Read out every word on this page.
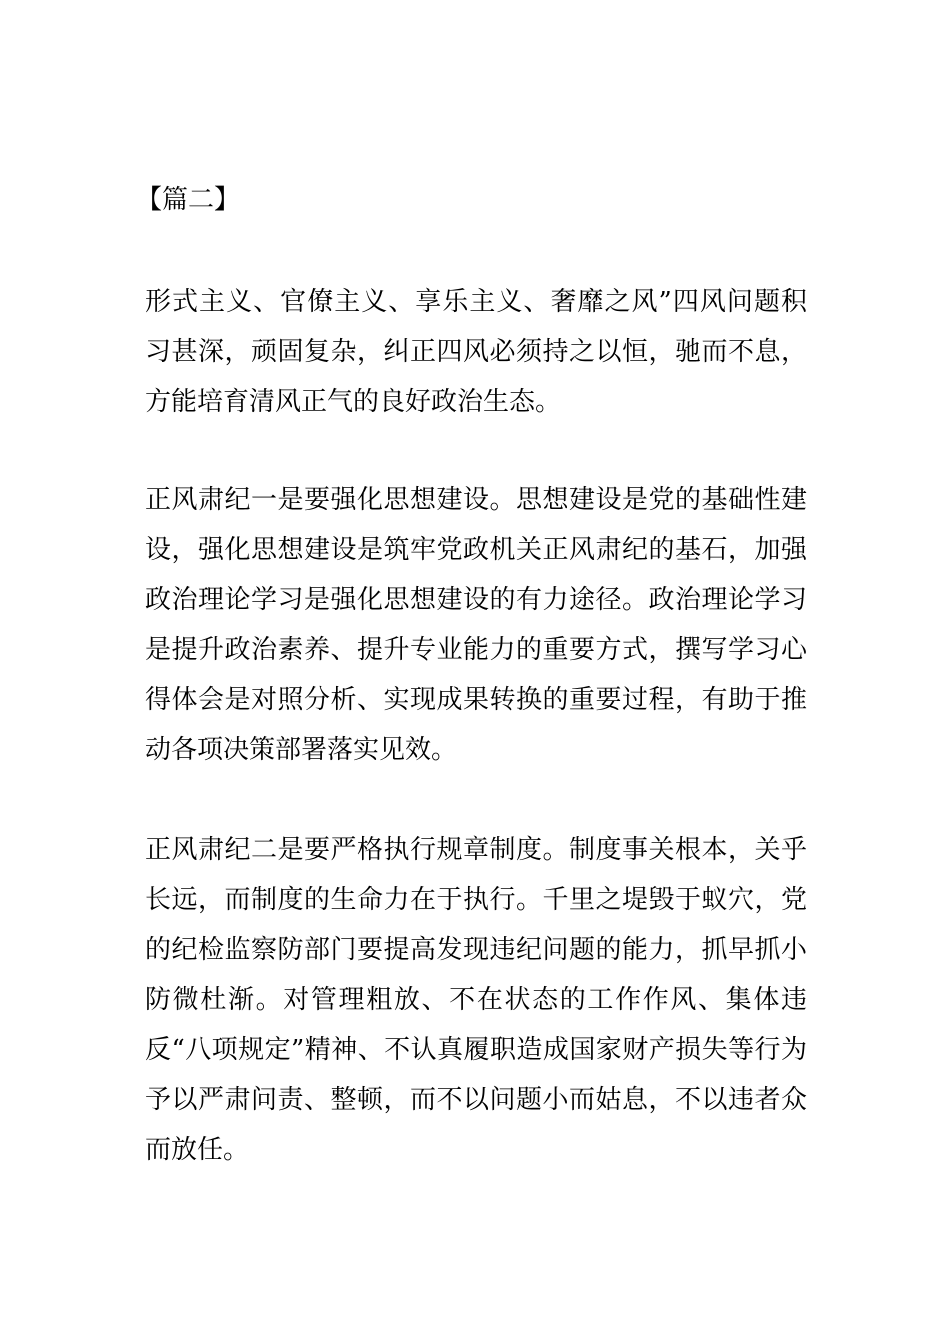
【篇二】

形式主义、官僚主义、享乐主义、奢靡之风”四风问题积习甚深，顽固复杂，纠正四风必须持之以恒，驰而不息，方能培育清风正气的良好政治生态。

正风肃纪一是要强化思想建设。思想建设是党的基础性建设，强化思想建设是筑牢党政机关正风肃纪的基石，加强政治理论学习是强化思想建设的有力途径。政治理论学习是提升政治素养、提升专业能力的重要方式，撰写学习心得体会是对照分析、实现成果转换的重要过程，有助于推动各项决策部署落实见效。

正风肃纪二是要严格执行规章制度。制度事关根本，关乎长远，而制度的生命力在于执行。千里之堤毁于蚁穴，党的纪检监察防部门要提高发现违纪问题的能力，抓早抓小防微杜渐。对管理粗放、不在状态的工作作风、集体违反“八项规定”精神、不认真履职造成国家财产损失等行为予以严肃问责、整顿，而不以问题小而姑息，不以违者众而放任。
